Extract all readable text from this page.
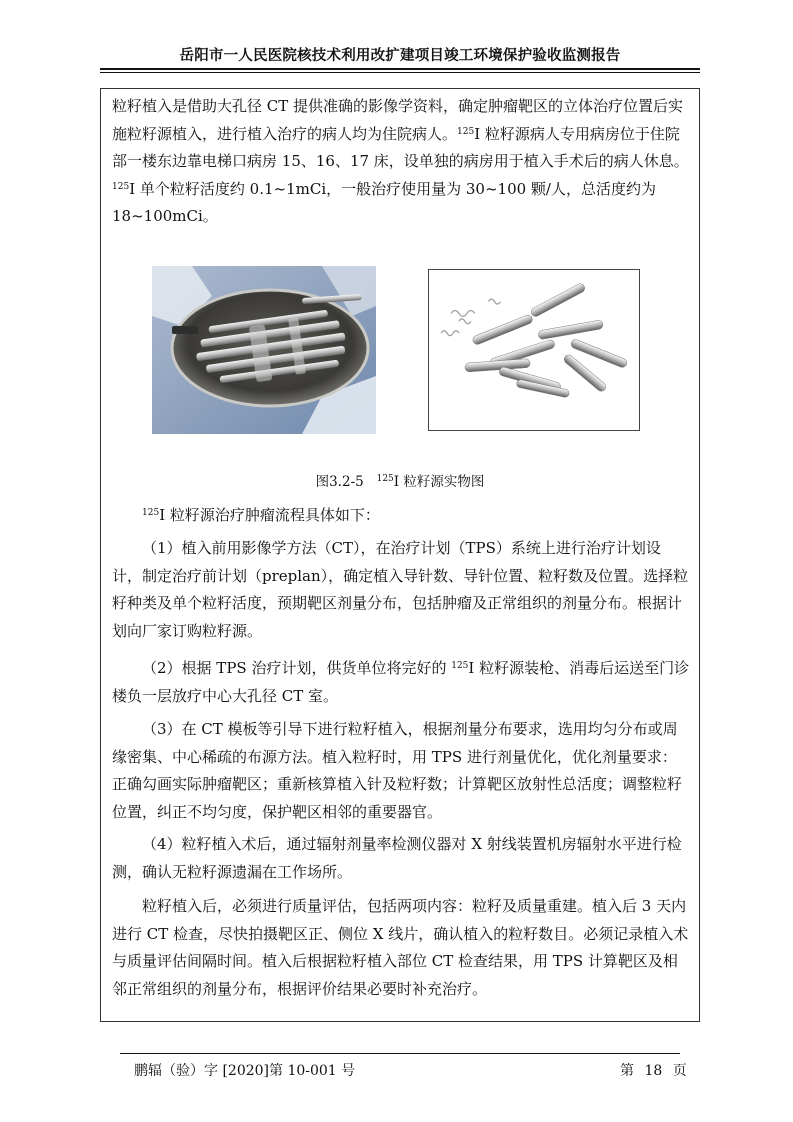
岳阳市一人民医院核技术利用改扩建项目竣工环境保护验收监测报告

粒籽植入是借助大孔径 CT 提供准确的影像学资料，确定肿瘤靶区的立体治疗位置后实施粒籽源植入，进行植入治疗的病人均为住院病人。$^{125}$I 粒籽源病人专用病房位于住院部一楼东边靠电梯口病房 15、16、17 床，设单独的病房用于植入手术后的病人休息。$^{125}$I 单个粒籽活度约 0.1~1mCi，一般治疗使用量为 30~100 颗/人，总活度约为 18~100mCi。

图3.2-5 $^{125}$I 粒籽源实物图

$^{125}$I 粒籽源治疗肿瘤流程具体如下：

（1）植入前用影像学方法（CT），在治疗计划（TPS）系统上进行治疗计划设计，制定治疗前计划（preplan），确定植入导针数、导针位置、粒籽数及位置。选择粒籽种类及单个粒籽活度，预期靶区剂量分布，包括肿瘤及正常组织的剂量分布。根据计划向厂家订购粒籽源。

（2）根据 TPS 治疗计划，供货单位将完好的 $^{125}$I 粒籽源装枪、消毒后运送至门诊楼负一层放疗中心大孔径 CT 室。

（3）在 CT 模板等引导下进行粒籽植入，根据剂量分布要求，选用均匀分布或周缘密集、中心稀疏的布源方法。植入粒籽时，用 TPS 进行剂量优化，优化剂量要求：正确勾画实际肿瘤靶区；重新核算植入针及粒籽数；计算靶区放射性总活度；调整粒籽位置，纠正不均匀度，保护靶区相邻的重要器官。

（4）粒籽植入术后，通过辐射剂量率检测仪器对 X 射线装置机房辐射水平进行检测，确认无粒籽源遗漏在工作场所。

粒籽植入后，必须进行质量评估，包括两项内容：粒籽及质量重建。植入后 3 天内进行 CT 检查，尽快拍摄靶区正、侧位 X 线片，确认植入的粒籽数目。必须记录植入术与质量评估间隔时间。植入后根据粒籽植入部位 CT 检查结果，用 TPS 计算靶区及相邻正常组织的剂量分布，根据评价结果必要时补充治疗。

鹏辐（验）字 [2020]第 10-001 号	第 18 页
